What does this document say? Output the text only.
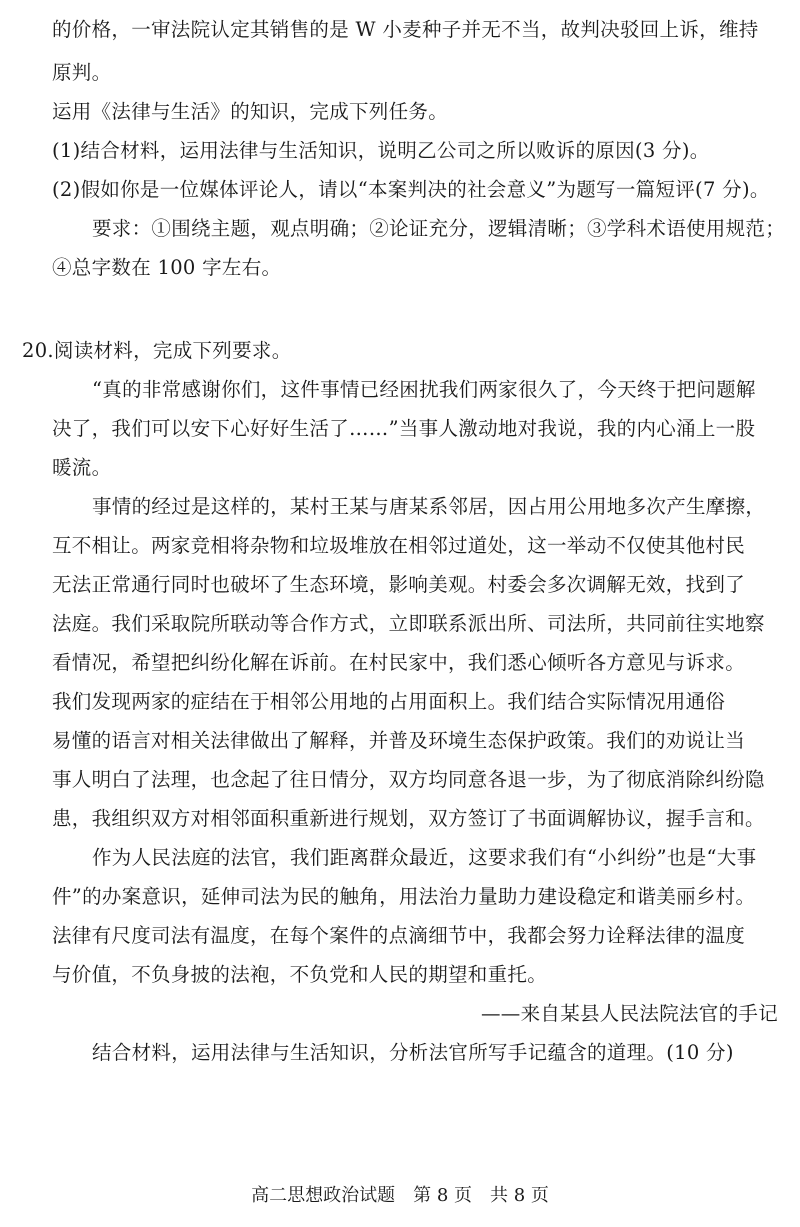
的价格，一审法院认定其销售的是 W 小麦种子并无不当，故判决驳回上诉，维持
原判。
运用《法律与生活》的知识，完成下列任务。
(1)结合材料，运用法律与生活知识，说明乙公司之所以败诉的原因(3 分)。
(2)假如你是一位媒体评论人，请以“本案判决的社会意义”为题写一篇短评(7 分)。
要求：①围绕主题，观点明确；②论证充分，逻辑清晰；③学科术语使用规范；
④总字数在 100 字左右。
20.阅读材料，完成下列要求。
“真的非常感谢你们，这件事情已经困扰我们两家很久了，今天终于把问题解
决了，我们可以安下心好好生活了……”当事人激动地对我说，我的内心涌上一股
暖流。
事情的经过是这样的，某村王某与唐某系邻居，因占用公用地多次产生摩擦，
互不相让。两家竞相将杂物和垃圾堆放在相邻过道处，这一举动不仅使其他村民
无法正常通行同时也破坏了生态环境，影响美观。村委会多次调解无效，找到了
法庭。我们采取院所联动等合作方式，立即联系派出所、司法所，共同前往实地察
看情况，希望把纠纷化解在诉前。在村民家中，我们悉心倾听各方意见与诉求。
我们发现两家的症结在于相邻公用地的占用面积上。我们结合实际情况用通俗
易懂的语言对相关法律做出了解释，并普及环境生态保护政策。我们的劝说让当
事人明白了法理，也念起了往日情分，双方均同意各退一步，为了彻底消除纠纷隐
患，我组织双方对相邻面积重新进行规划，双方签订了书面调解协议，握手言和。
作为人民法庭的法官，我们距离群众最近，这要求我们有“小纠纷”也是“大事
件”的办案意识，延伸司法为民的触角，用法治力量助力建设稳定和谐美丽乡村。
法律有尺度司法有温度，在每个案件的点滴细节中，我都会努力诠释法律的温度
与价值，不负身披的法袍，不负党和人民的期望和重托。
——来自某县人民法院法官的手记
结合材料，运用法律与生活知识，分析法官所写手记蕴含的道理。(10 分)
高二思想政治试题　第 8 页　共 8 页
